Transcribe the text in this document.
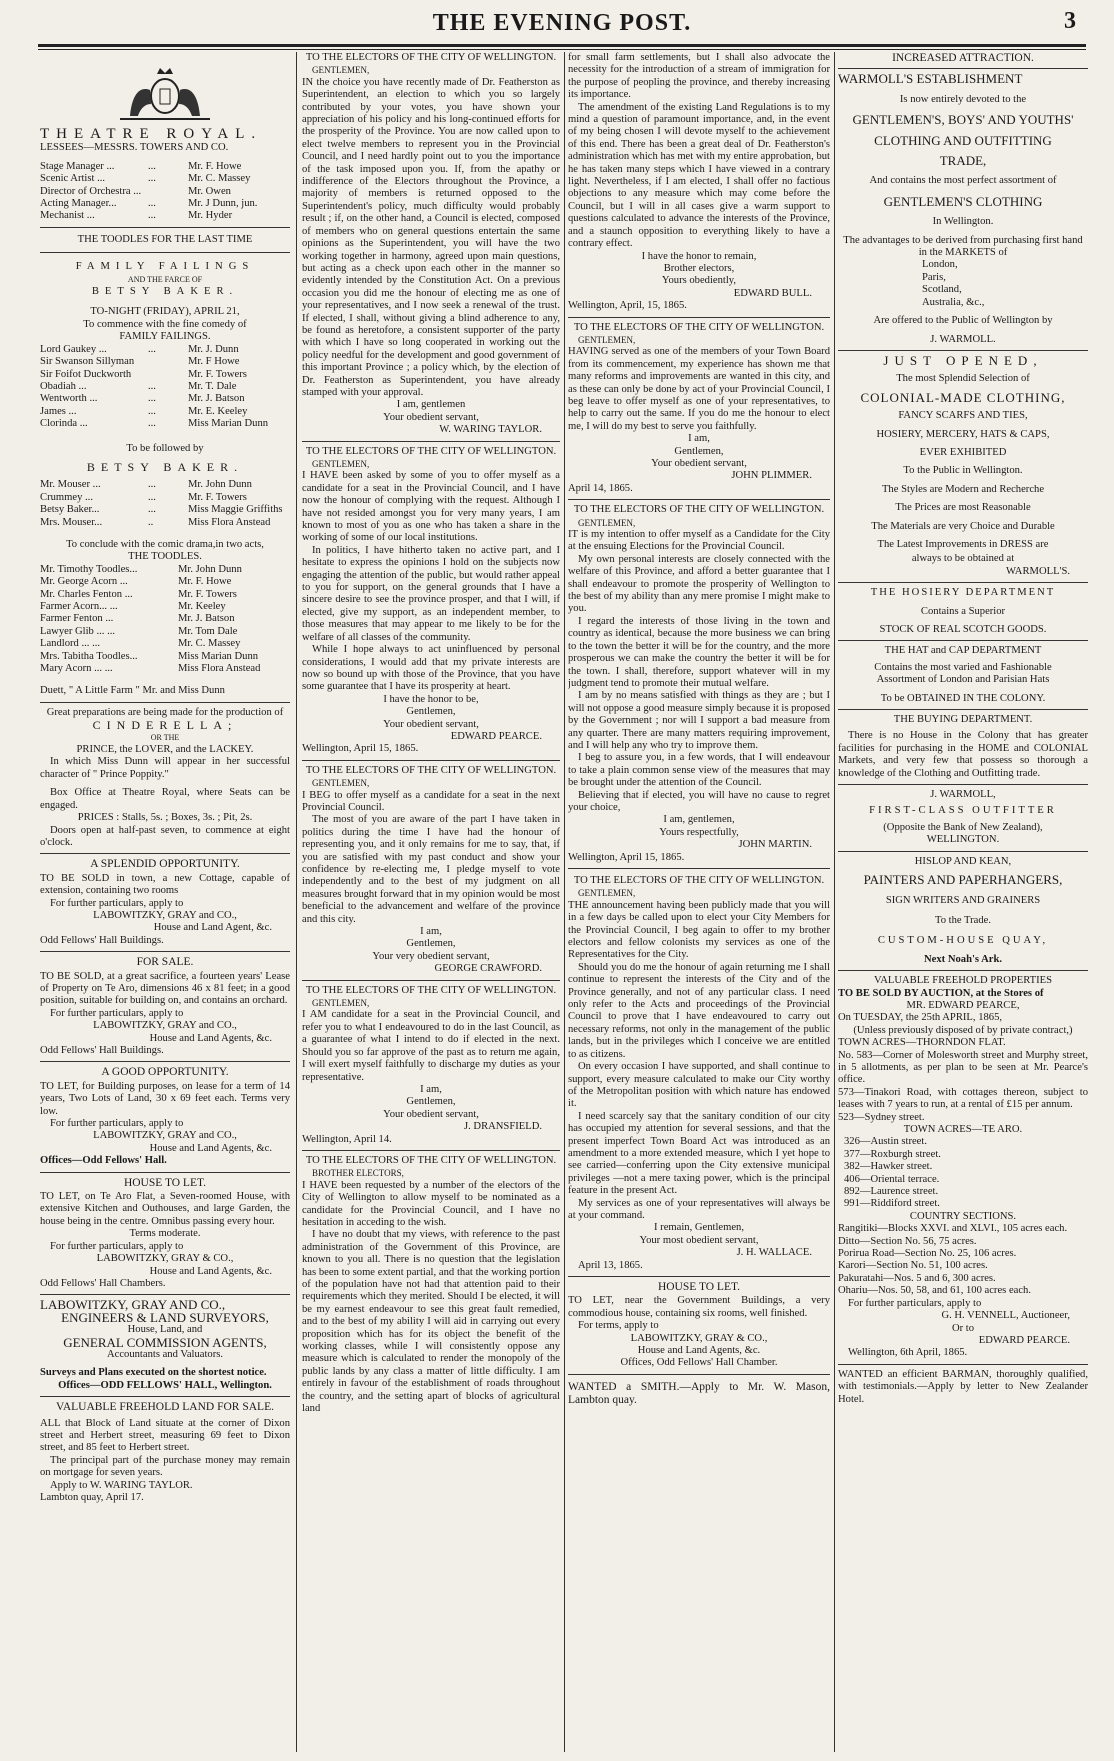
THE EVENING POST.	3
THEATRE ROYAL.
LESSEES—MESSRS. TOWERS AND CO.
Stage Manager ...	...	Mr. F. Howe
Scenic Artist ...	...	Mr. C. Massey
Director of Orchestra ...	Mr. Owen
Acting Manager...	...	Mr. J Dunn, jun.
Mechanist ...	...	Mr. Hyder
THE TOODLES FOR THE LAST TIME
FAMILY FAILINGS
AND THE FARCE OF
BETSY BAKER.
TO-NIGHT (FRIDAY), APRIL 21,
To commence with the fine comedy of
FAMILY FAILINGS.
Lord Gaukey ...	...	Mr. J. Dunn
Sir Swanson Sillyman	Mr. F Howe
Sir Foifot Duckworth	Mr. F. Towers
Obadiah ...	...	Mr. T. Dale
Wentworth ...	...	Mr. J. Batson
James ...	...	Mr. E. Keeley
Clorinda ...	...	Miss Marian Dunn
To be followed by
BETSY BAKER.
Mr. Mouser ...	...	Mr. John Dunn
Crummey ...	...	Mr. F. Towers
Betsy Baker...	...	Miss Maggie Griffiths
Mrs. Mouser...	..	Miss Flora Anstead
To conclude with the comic drama,in two acts,
THE TOODLES.
Mr. Timothy Toodles...	Mr. John Dunn
Mr. George Acorn ...	Mr. F. Howe
Mr. Charles Fenton ...	Mr. F. Towers
Farmer Acorn... ...	Mr. Keeley
Farmer Fenton ...	Mr. J. Batson
Lawyer Glib ... ...	Mr. Tom Dale
Landlord ... ...	Mr. C. Massey
Mrs. Tabitha Toodles...	Miss Marian Dunn
Mary Acorn ... ...	Miss Flora Anstead
Duett, " A Little Farm " Mr. and Miss Dunn
Great preparations are being made for the production of
CINDERELLA;
OR THE
PRINCE, the LOVER, and the LACKEY.
In which Miss Dunn will appear in her successful character of " Prince Poppity."
Box Office at Theatre Royal, where Seats can be engaged.
PRICES : Stalls, 5s. ; Boxes, 3s. ; Pit, 2s.
Doors open at half-past seven, to commence at eight o'clock.
A SPLENDID OPPORTUNITY.
TO BE SOLD in town, a new Cottage, capable of extension, containing two rooms
For further particulars, apply to
LABOWITZKY, GRAY and CO.,
House and Land Agent, &c.
Odd Fellows' Hall Buildings.
FOR SALE.
TO BE SOLD, at a great sacrifice, a fourteen years' Lease of Property on Te Aro, dimensions 46 x 81 feet; in a good position, suitable for building on, and contains an orchard.
For further particulars, apply to
LABOWITZKY, GRAY and CO.,
House and Land Agents, &c.
Odd Fellows' Hall Buildings.
A GOOD OPPORTUNITY.
TO LET, for Building purposes, on lease for a term of 14 years, Two Lots of Land, 30 x 69 feet each. Terms very low.
For further particulars, apply to
LABOWITZKY, GRAY and CO.,
House and Land Agents, &c.
Offices—Odd Fellows' Hall.
HOUSE TO LET.
TO LET, on Te Aro Flat, a Seven-roomed House, with extensive Kitchen and Outhouses, and large Garden, the house being in the centre. Omnibus passing every hour.
Terms moderate.
For further particulars, apply to
LABOWITZKY, GRAY & CO.,
House and Land Agents, &c.
Odd Fellows' Hall Chambers.
LABOWITZKY, GRAY AND CO.,
ENGINEERS & LAND SURVEYORS,
House, Land, and
GENERAL COMMISSION AGENTS,
Accountants and Valuators.
Surveys and Plans executed on the shortest notice.
Offices—ODD FELLOWS' HALL, Wellington.
VALUABLE FREEHOLD LAND FOR SALE.
ALL that Block of Land situate at the corner of Dixon street and Herbert street, measuring 69 feet to Dixon street, and 85 feet to Herbert street.
The principal part of the purchase money may remain on mortgage for seven years.
Apply to W. WARING TAYLOR.
Lambton quay, April 17.
TO THE ELECTORS OF THE CITY OF WELLINGTON.
GENTLEMEN,
IN the choice you have recently made of Dr. Featherston as Superintendent, an election to which you so largely contributed by your votes, you have shown your appreciation of his policy and his long-continued efforts for the prosperity of the Province. You are now called upon to elect twelve members to represent you in the Provincial Council, and I need hardly point out to you the importance of the task imposed upon you. If, from the apathy or indifference of the Electors throughout the Province, a majority of members is returned opposed to the Superintendent's policy, much difficulty would probably result ; if, on the other hand, a Council is elected, composed of members who on general questions entertain the same opinions as the Superintendent, you will have the two working together in harmony, agreed upon main questions, but acting as a check upon each other in the manner so evidently intended by the Constitution Act. On a previous occasion you did me the honour of electing me as one of your representatives, and I now seek a renewal of the trust. If elected, I shall, without giving a blind adherence to any, be found as heretofore, a consistent supporter of the party with which I have so long cooperated in working out the policy needful for the development and good government of this important Province ; a policy which, by the election of Dr. Featherston as Superintendent, you have already stamped with your approval.
I am, gentlemen
Your obedient servant,
W. WARING TAYLOR.
TO THE ELECTORS OF THE CITY OF WELLINGTON.
GENTLEMEN,
I HAVE been asked by some of you to offer myself as a candidate for a seat in the Provincial Council, and I have now the honour of complying with the request. Although I have not resided amongst you for very many years, I am known to most of you as one who has taken a share in the working of some of our local institutions.
In politics, I have hitherto taken no active part, and I hesitate to express the opinions I hold on the subjects now engaging the attention of the public, but would rather appeal to you for support, on the general grounds that I have a sincere desire to see the province prosper, and that I will, if elected, give my support, as an independent member, to those measures that may appear to me likely to be for the welfare of all classes of the community.
While I hope always to act uninfluenced by personal considerations, I would add that my private interests are now so bound up with those of the Province, that you have some guarantee that I have its prosperity at heart.
I have the honor to be,
Gentlemen,
Your obedient servant,
EDWARD PEARCE.
Wellington, April 15, 1865.
TO THE ELECTORS OF THE CITY OF WELLINGTON.
GENTLEMEN,
I BEG to offer myself as a candidate for a seat in the next Provincial Council.
The most of you are aware of the part I have taken in politics during the time I have had the honour of representing you, and it only remains for me to say, that, if you are satisfied with my past conduct and show your confidence by re-electing me, I pledge myself to vote independently and to the best of my judgment on all measures brought forward that in my opinion would be most beneficial to the advancement and welfare of the province and this city.
I am,
Gentlemen,
Your very obedient servant,
GEORGE CRAWFORD.
TO THE ELECTORS OF THE CITY OF WELLINGTON.
GENTLEMEN,
I AM candidate for a seat in the Provincial Council, and refer you to what I endeavoured to do in the last Council, as a guarantee of what I intend to do if elected in the next. Should you so far approve of the past as to return me again, I will exert myself faithfully to discharge my duties as your representative.
I am,
Gentlemen,
Your obedient servant,
J. DRANSFIELD.
Wellington, April 14.
TO THE ELECTORS OF THE CITY OF WELLINGTON.
BROTHER ELECTORS,
I HAVE been requested by a number of the electors of the City of Wellington to allow myself to be nominated as a candidate for the Provincial Council, and I have no hesitation in acceding to the wish.
I have no doubt that my views, with reference to the past administration of the Government of this Province, are known to you all. There is no question that the legislation has been to some extent partial, and that the working portion of the population have not had that attention paid to their requirements which they merited. Should I be elected, it will be my earnest endeavour to see this great fault remedied, and to the best of my ability I will aid in carrying out every proposition which has for its object the benefit of the working classes, while I will consistently oppose any measure which is calculated to render the monopoly of the public lands by any class a matter of little difficulty. I am entirely in favour of the establishment of roads throughout the country, and the setting apart of blocks of agricultural land
for small farm settlements, but I shall also advocate the necessity for the introduction of a stream of immigration for the purpose of peopling the province, and thereby increasing its importance.
The amendment of the existing Land Regulations is to my mind a question of paramount importance, and, in the event of my being chosen I will devote myself to the achievement of this end. There has been a great deal of Dr. Featherston's administration which has met with my entire approbation, but he has taken many steps which I have viewed in a contrary light. Nevertheless, if I am elected, I shall offer no factious objections to any measure which may come before the Council, but I will in all cases give a warm support to questions calculated to advance the interests of the Province, and a staunch opposition to everything likely to have a contrary effect.
I have the honor to remain,
Brother electors,
Yours obediently,
EDWARD BULL.
Wellington, April, 15, 1865.
TO THE ELECTORS OF THE CITY OF WELLINGTON.
GENTLEMEN,
HAVING served as one of the members of your Town Board from its commencement, my experience has shown me that many reforms and improvements are wanted in this city, and as these can only be done by act of your Provincial Council, I beg leave to offer myself as one of your representatives, to help to carry out the same. If you do me the honour to elect me, I will do my best to serve you faithfully.
I am,
Gentlemen,
Your obedient servant,
JOHN PLIMMER.
April 14, 1865.
TO THE ELECTORS OF THE CITY OF WELLINGTON.
GENTLEMEN,
IT is my intention to offer myself as a Candidate for the City at the ensuing Elections for the Provincial Council.
My own personal interests are closely connected with the welfare of this Province, and afford a better guarantee that I shall endeavour to promote the prosperity of Wellington to the best of my ability than any mere promise I might make to you.
I regard the interests of those living in the town and country as identical, because the more business we can bring to the town the better it will be for the country, and the more prosperous we can make the country the better it will be for the town. I shall, therefore, support whatever will in my judgment tend to promote their mutual welfare.
I am by no means satisfied with things as they are ; but I will not oppose a good measure simply because it is proposed by the Government ; nor will I support a bad measure from any quarter. There are many matters requiring improvement, and I will help any who try to improve them.
I beg to assure you, in a few words, that I will endeavour to take a plain common sense view of the measures that may be brought under the attention of the Council.
Believing that if elected, you will have no cause to regret your choice,
I am, gentlemen,
Yours respectfully,
JOHN MARTIN.
Wellington, April 15, 1865.
TO THE ELECTORS OF THE CITY OF WELLINGTON.
GENTLEMEN,
THE announcement having been publicly made that you will in a few days be called upon to elect your City Members for the Provincial Council, I beg again to offer to my brother electors and fellow colonists my services as one of the Representatives for the City.
Should you do me the honour of again returning me I shall continue to represent the interests of the City and of the Province generally, and not of any particular class. I need only refer to the Acts and proceedings of the Provincial Council to prove that I have endeavoured to carry out necessary reforms, not only in the management of the public lands, but in the privileges which I conceive we are entitled to as citizens.
On every occasion I have supported, and shall continue to support, every measure calculated to make our City worthy of the Metropolitan position with which nature has endowed it.
I need scarcely say that the sanitary condition of our city has occupied my attention for several sessions, and that the present imperfect Town Board Act was introduced as an amendment to a more extended measure, which I yet hope to see carried—conferring upon the City extensive municipal privileges —not a mere taxing power, which is the principal feature in the present Act.
My services as one of your representatives will always be at your command.
I remain, Gentlemen,
Your most obedient servant,
J. H. WALLACE.
April 13, 1865.
HOUSE TO LET.
TO LET, near the Government Buildings, a very commodious house, containing six rooms, well finished.
For terms, apply to
LABOWITZKY, GRAY & CO.,
House and Land Agents, &c.
Offices, Odd Fellows' Hall Chamber.
WANTED a SMITH.—Apply to Mr. W. Mason, Lambton quay.
INCREASED ATTRACTION.
WARMOLL'S ESTABLISHMENT
Is now entirely devoted to the
GENTLEMEN'S, BOYS' AND YOUTHS'
CLOTHING AND OUTFITTING
TRADE,
And contains the most perfect assortment of
GENTLEMEN'S CLOTHING
In Wellington.
The advantages to be derived from purchasing first hand in the MARKETS of
London,
Paris,
Scotland,
Australia, &c.,
Are offered to the Public of Wellington by
J. WARMOLL.
JUST OPENED,
The most Splendid Selection of
COLONIAL-MADE CLOTHING,
FANCY SCARFS AND TIES,
HOSIERY, MERCERY, HATS & CAPS,
EVER EXHIBITED
To the Public in Wellington.
The Styles are Modern and Recherche
The Prices are most Reasonable
The Materials are very Choice and Durable
The Latest Improvements in DRESS are
always to be obtained at
WARMOLL'S.
THE HOSIERY DEPARTMENT
Contains a Superior
STOCK OF REAL SCOTCH GOODS.
THE HAT and CAP DEPARTMENT
Contains the most varied and Fashionable
Assortment of London and Parisian Hats
To be OBTAINED IN THE COLONY.
THE BUYING DEPARTMENT.
There is no House in the Colony that has greater facilities for purchasing in the HOME and COLONIAL Markets, and very few that possess so thorough a knowledge of the Clothing and Outfitting trade.
J. WARMOLL,
FIRST-CLASS OUTFITTER
(Opposite the Bank of New Zealand),
WELLINGTON.
HISLOP AND KEAN,
PAINTERS AND PAPERHANGERS,
SIGN WRITERS AND GRAINERS
To the Trade.
CUSTOM-HOUSE QUAY,
Next Noah's Ark.
VALUABLE FREEHOLD PROPERTIES
TO BE SOLD BY AUCTION, at the Stores of
MR. EDWARD PEARCE,
On TUESDAY, the 25th APRIL, 1865,
(Unless previously disposed of by private contract,)
TOWN ACRES—THORNDON FLAT.
No. 583—Corner of Molesworth street and Murphy street, in 5 allotments, as per plan to be seen at Mr. Pearce's office.
573—Tinakori Road, with cottages thereon, subject to leases with 7 years to run, at a rental of £15 per annum.
523—Sydney street.
TOWN ACRES—TE ARO.
326—Austin street.
377—Roxburgh street.
382—Hawker street.
406—Oriental terrace.
892—Laurence street.
991—Riddiford street.
COUNTRY SECTIONS.
Rangitiki—Blocks XXVI. and XLVI., 105 acres each.
Ditto—Section No. 56, 75 acres.
Porirua Road—Section No. 25, 106 acres.
Karori—Section No. 51, 100 acres.
Pakuratahi—Nos. 5 and 6, 300 acres.
Ohariu—Nos. 50, 58, and 61, 100 acres each.
For further particulars, apply to
G. H. VENNELL, Auctioneer,
Or to
EDWARD PEARCE.
Wellington, 6th April, 1865.
WANTED an efficient BARMAN, thoroughly qualified, with testimonials.—Apply by letter to New Zealander Hotel.
